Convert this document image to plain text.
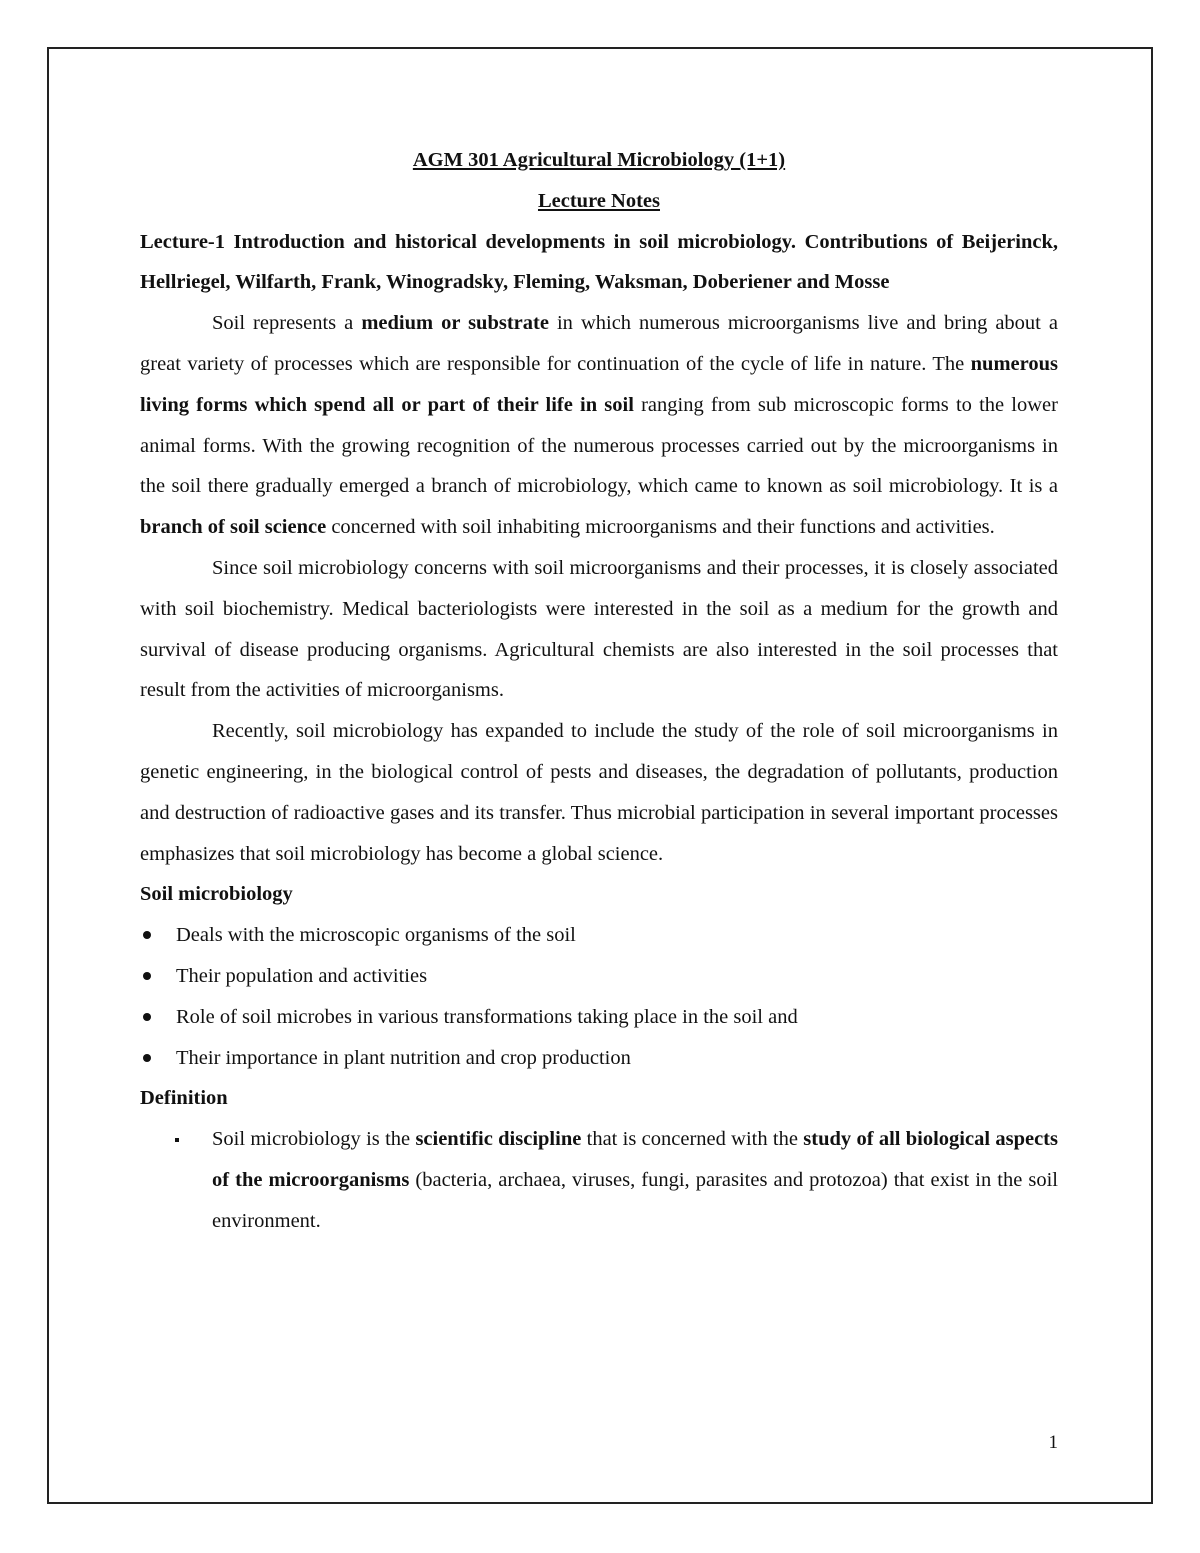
AGM 301 Agricultural Microbiology (1+1)
Lecture Notes
Lecture-1 Introduction and historical developments in soil microbiology. Contributions of Beijerinck, Hellriegel, Wilfarth, Frank, Winogradsky, Fleming, Waksman, Doberiener and Mosse

Soil represents a medium or substrate in which numerous microorganisms live and bring about a great variety of processes which are responsible for continuation of the cycle of life in nature. The numerous living forms which spend all or part of their life in soil ranging from sub microscopic forms to the lower animal forms. With the growing recognition of the numerous processes carried out by the microorganisms in the soil there gradually emerged a branch of microbiology, which came to known as soil microbiology. It is a branch of soil science concerned with soil inhabiting microorganisms and their functions and activities.

Since soil microbiology concerns with soil microorganisms and their processes, it is closely associated with soil biochemistry. Medical bacteriologists were interested in the soil as a medium for the growth and survival of disease producing organisms. Agricultural chemists are also interested in the soil processes that result from the activities of microorganisms.

Recently, soil microbiology has expanded to include the study of the role of soil microorganisms in genetic engineering, in the biological control of pests and diseases, the degradation of pollutants, production and destruction of radioactive gases and its transfer. Thus microbial participation in several important processes emphasizes that soil microbiology has become a global science.

Soil microbiology
Deals with the microscopic organisms of the soil
Their population and activities
Role of soil microbes in various transformations taking place in the soil and
Their importance in plant nutrition and crop production
Definition
Soil microbiology is the scientific discipline that is concerned with the study of all biological aspects of the microorganisms (bacteria, archaea, viruses, fungi, parasites and protozoa) that exist in the soil environment.
1
